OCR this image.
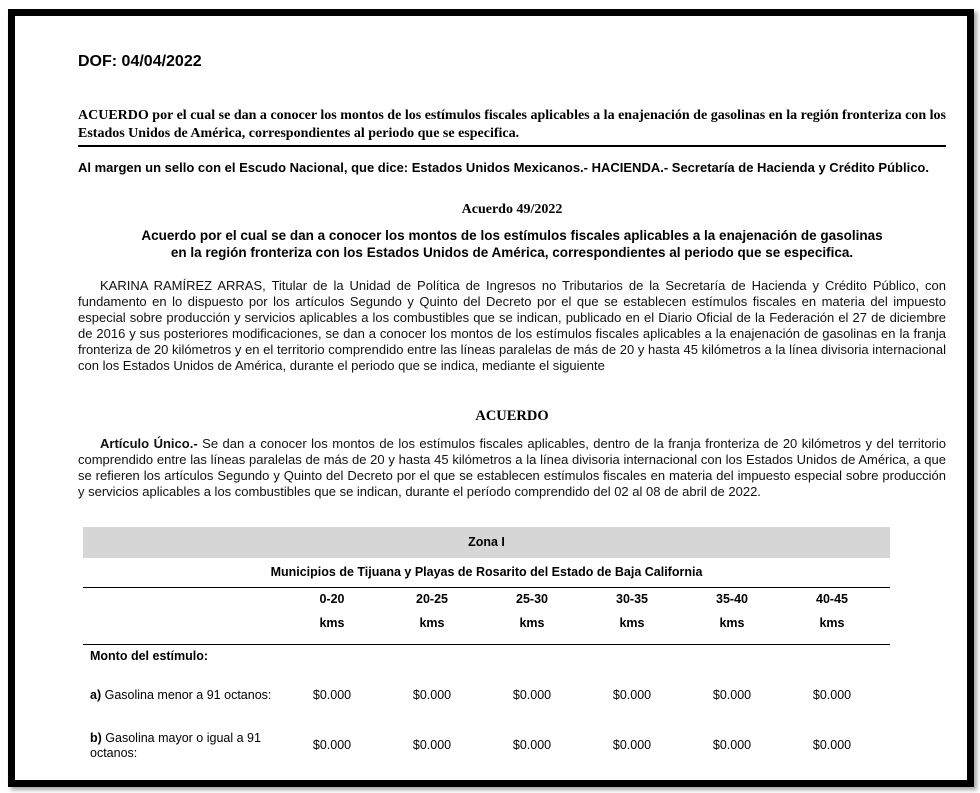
DOF: 04/04/2022
ACUERDO por el cual se dan a conocer los montos de los estímulos fiscales aplicables a la enajenación de gasolinas en la región fronteriza con los Estados Unidos de América, correspondientes al periodo que se especifica.
Al margen un sello con el Escudo Nacional, que dice: Estados Unidos Mexicanos.- HACIENDA.- Secretaría de Hacienda y Crédito Público.
Acuerdo 49/2022
Acuerdo por el cual se dan a conocer los montos de los estímulos fiscales aplicables a la enajenación de gasolinas en la región fronteriza con los Estados Unidos de América, correspondientes al periodo que se especifica.
KARINA RAMÍREZ ARRAS, Titular de la Unidad de Política de Ingresos no Tributarios de la Secretaría de Hacienda y Crédito Público, con fundamento en lo dispuesto por los artículos Segundo y Quinto del Decreto por el que se establecen estímulos fiscales en materia del impuesto especial sobre producción y servicios aplicables a los combustibles que se indican, publicado en el Diario Oficial de la Federación el 27 de diciembre de 2016 y sus posteriores modificaciones, se dan a conocer los montos de los estímulos fiscales aplicables a la enajenación de gasolinas en la franja fronteriza de 20 kilómetros y en el territorio comprendido entre las líneas paralelas de más de 20 y hasta 45 kilómetros a la línea divisoria internacional con los Estados Unidos de América, durante el periodo que se indica, mediante el siguiente
ACUERDO
Artículo Único.- Se dan a conocer los montos de los estímulos fiscales aplicables, dentro de la franja fronteriza de 20 kilómetros y del territorio comprendido entre las líneas paralelas de más de 20 y hasta 45 kilómetros a la línea divisoria internacional con los Estados Unidos de América, a que se refieren los artículos Segundo y Quinto del Decreto por el que se establecen estímulos fiscales en materia del impuesto especial sobre producción y servicios aplicables a los combustibles que se indican, durante el período comprendido del 02 al 08 de abril de 2022.
Zona I
Municipios de Tijuana y Playas de Rosarito del Estado de Baja California
0-20	20-25	25-30	30-35	35-40	40-45
kms	kms	kms	kms	kms	kms
Monto del estímulo:
a) Gasolina menor a 91 octanos:	$0.000	$0.000	$0.000	$0.000	$0.000	$0.000
b) Gasolina mayor o igual a 91
octanos:
$0.000	$0.000	$0.000	$0.000	$0.000	$0.000
